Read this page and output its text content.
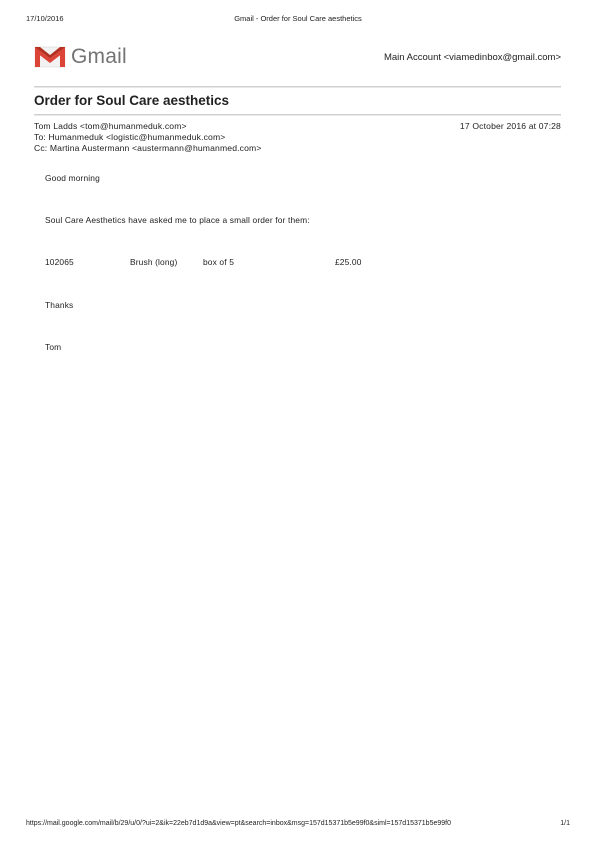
17/10/2016	Gmail - Order for Soul Care aesthetics
Gmail	Main Account <viamedinbox@gmail.com>
Order for Soul Care aesthetics
Tom Ladds <tom@humanmeduk.com>	17 October 2016 at 07:28
To: Humanmeduk <logistic@humanmeduk.com>
Cc: Martina Austermann <austermann@humanmed.com>
Good morning
Soul Care Aesthetics have asked me to place a small order for them:
102065	Brush (long)	box of 5	£25.00
Thanks
Tom
https://mail.google.com/mail/b/29/u/0/?ui=2&ik=22eb7d1d9a&view=pt&search=inbox&msg=157d15371b5e99f0&siml=157d15371b5e99f0	1/1
